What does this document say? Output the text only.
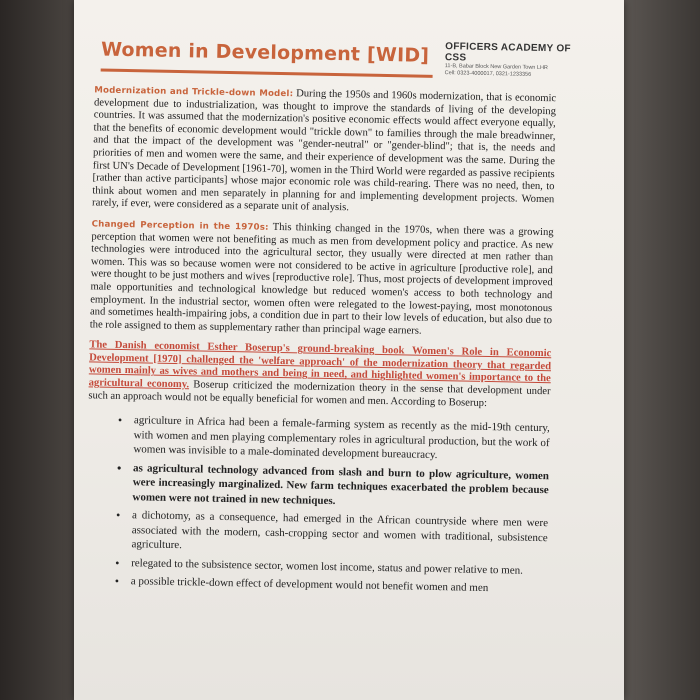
Women in Development [WID] OFFICERS ACADEMY OF CSS
11-B, Babar Block New Garden Town LHR
Cell: 0323-4000017, 0321-1233356

Modernization and Trickle-down Model: During the 1950s and 1960s modernization, that is economic development due to industrialization, was thought to improve the standards of living of the developing countries. It was assumed that the modernization's positive economic effects would affect everyone equally, that the benefits of economic development would "trickle down" to families through the male breadwinner, and that the impact of the development was "gender-neutral" or "gender-blind"; that is, the needs and priorities of men and women were the same, and their experience of development was the same. During the first UN's Decade of Development [1961-70], women in the Third World were regarded as passive recipients [rather than active participants] whose major economic role was child-rearing. There was no need, then, to think about women and men separately in planning for and implementing development projects. Women rarely, if ever, were considered as a separate unit of analysis.

Changed Perception in the 1970s: This thinking changed in the 1970s, when there was a growing perception that women were not benefiting as much as men from development policy and practice. As new technologies were introduced into the agricultural sector, they usually were directed at men rather than women. This was so because women were not considered to be active in agriculture [productive role], and were thought to be just mothers and wives [reproductive role]. Thus, most projects of development improved male opportunities and technological knowledge but reduced women's access to both technology and employment. In the industrial sector, women often were relegated to the lowest-paying, most monotonous and sometimes health-impairing jobs, a condition due in part to their low levels of education, but also due to the role assigned to them as supplementary rather than principal wage earners.

The Danish economist Esther Boserup's ground-breaking book Women's Role in Economic Development [1970] challenged the 'welfare approach' of the modernization theory that regarded women mainly as wives and mothers and being in need, and highlighted women's importance to the agricultural economy. Boserup criticized the modernization theory in the sense that development under such an approach would not be equally beneficial for women and men. According to Boserup:

• agriculture in Africa had been a female-farming system as recently as the mid-19th century, with women and men playing complementary roles in agricultural production, but the work of women was invisible to a male-dominated development bureaucracy.
• as agricultural technology advanced from slash and burn to plow agriculture, women were increasingly marginalized. New farm techniques exacerbated the problem because women were not trained in new techniques.
• a dichotomy, as a consequence, had emerged in the African countryside where men were associated with the modern, cash-cropping sector and women with traditional, subsistence agriculture.
• relegated to the subsistence sector, women lost income, status and power relative to men.
• a possible trickle-down effect of development would not benefit women and men
